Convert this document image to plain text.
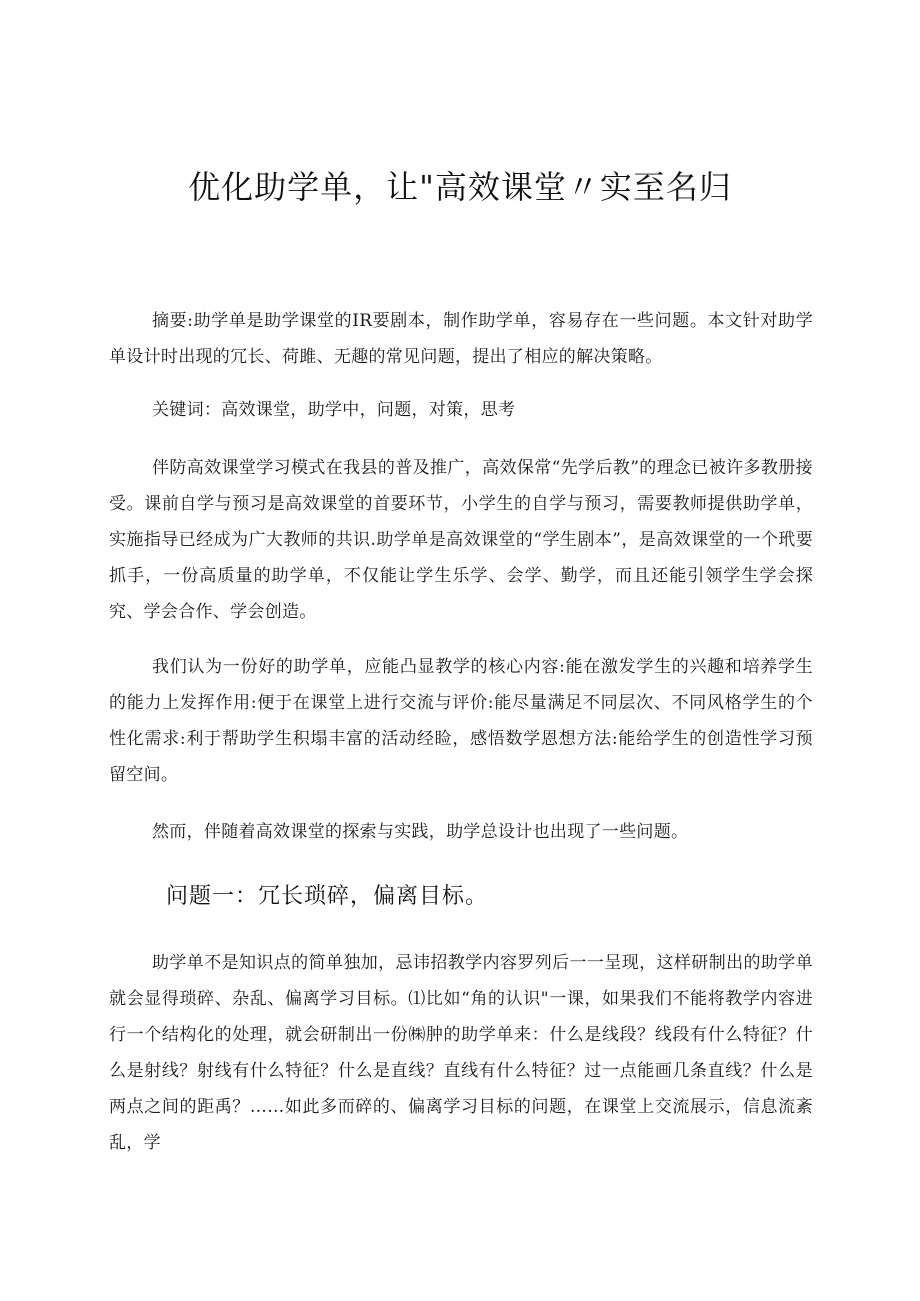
优化助学单，让"高效课堂〃实至名归

摘要:助学单是助学课堂的IR要剧本，制作助学单，容易存在一些问题。本文针对助学单设计时出现的冗长、荷雎、无趣的常见问题，提出了相应的解决策略。

关键词：高效课堂，助学中，问题，对策，思考

伴防高效课堂学习模式在我县的普及推广，高效保常“先学后教”的理念已被许多教册接受。课前自学与预习是高效课堂的首要环节，小学生的自学与预习，需要教师提供助学单，实施指导已经成为广大教师的共识.助学单是高效课堂的“学生剧本”，是高效课堂的一个玳要抓手，一份高质量的助学单，不仅能让学生乐学、会学、勤学，而且还能引领学生学会探究、学会合作、学会创造。

我们认为一份好的助学单，应能凸显教学的核心内容:能在激发学生的兴趣和培养学生的能力上发挥作用:便于在课堂上进行交流与评价:能尽量满足不同层次、不同风格学生的个性化需求:利于帮助学生积塌丰富的活动经睑，感悟数学恩想方法:能给学生的创造性学习预留空间。

然而，伴随着高效课堂的探索与实践，助学总设计也出现了一些问题。

问题一：冗长琐碎，偏离目标。

助学单不是知识点的简单独加，忌讳招教学内容罗列后一一呈现，这样研制出的助学单就会显得琐碎、杂乱、偏离学习目标。⑴比如“角的认识"一课，如果我们不能将教学内容进行一个结构化的处理，就会研制出一份㈱肿的助学单来：什么是线段？线段有什么特征？什么是射线？射线有什么特征？什么是直线？直线有什么特征？过一点能画几条直线？什么是两点之间的距禹？……如此多而碎的、偏离学习目标的问题，在课堂上交流展示，信息流紊乱，学
